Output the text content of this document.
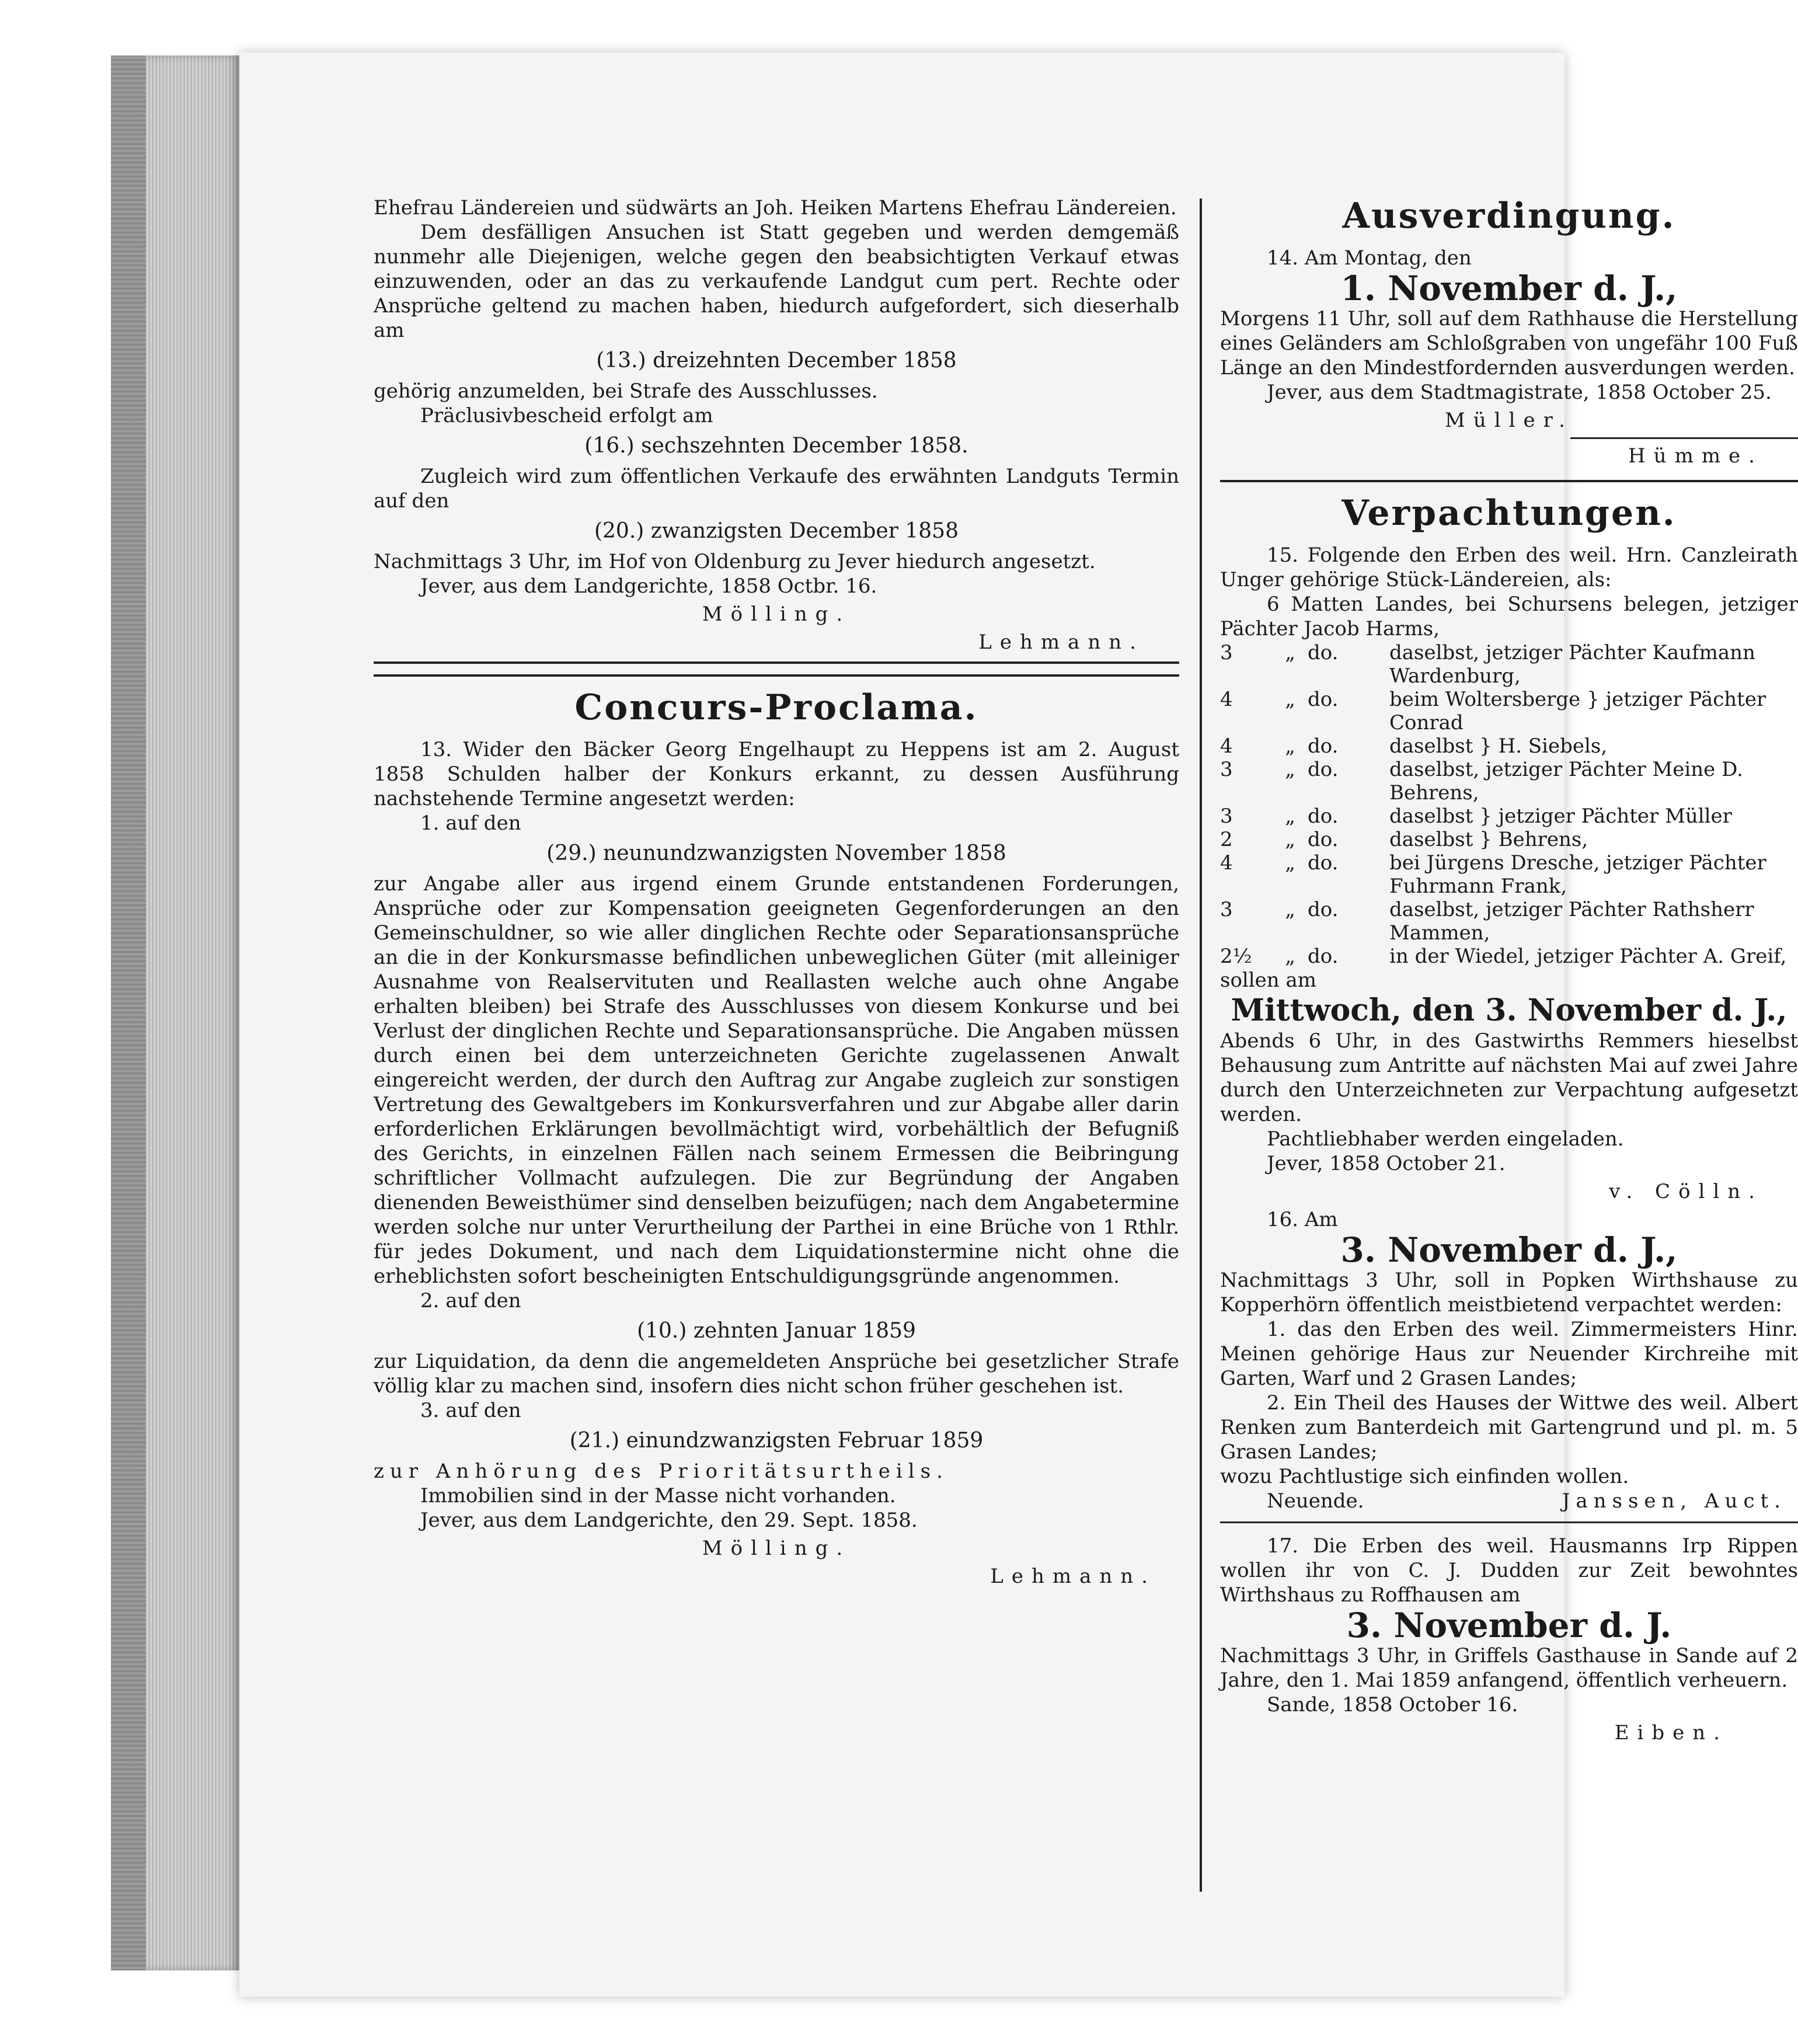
Ehefrau Ländereien und südwärts an Joh. Heiken Martens Ehefrau Ländereien.

Dem desfälligen Ansuchen ist Statt gegeben und werden demgemäß nunmehr alle Diejenigen, welche gegen den beabsichtigten Verkauf etwas einzuwenden, oder an das zu verkaufende Landgut cum pert. Rechte oder Ansprüche geltend zu machen haben, hiedurch aufgefordert, sich dieserhalb am

(13.) dreizehnten December 1858

gehörig anzumelden, bei Strafe des Ausschlusses.

Präclusivbescheid erfolgt am

(16.) sechszehnten December 1858.

Zugleich wird zum öffentlichen Verkaufe des erwähnten Landguts Termin auf den

(20.) zwanzigsten December 1858

Nachmittags 3 Uhr, im Hof von Oldenburg zu Jever hiedurch angesetzt.

Jever, aus dem Landgerichte, 1858 Octbr. 16.

Mölling.

Lehmann.

Concurs-Proclama.

13. Wider den Bäcker Georg Engelhaupt zu Heppens ist am 2. August 1858 Schulden halber der Konkurs erkannt, zu dessen Ausführung nachstehende Termine angesetzt werden:

1. auf den

(29.) neunundzwanzigsten November 1858

zur Angabe aller aus irgend einem Grunde entstandenen Forderungen, Ansprüche oder zur Kompensation geeigneten Gegenforderungen an den Gemeinschuldner, so wie aller dinglichen Rechte oder Separationsansprüche an die in der Konkursmasse befindlichen unbeweglichen Güter (mit alleiniger Ausnahme von Realservituten und Reallasten welche auch ohne Angabe erhalten bleiben) bei Strafe des Ausschlusses von diesem Konkurse und bei Verlust der dinglichen Rechte und Separationsansprüche. Die Angaben müssen durch einen bei dem unterzeichneten Gerichte zugelassenen Anwalt eingereicht werden, der durch den Auftrag zur Angabe zugleich zur sonstigen Vertretung des Gewaltgebers im Konkursverfahren und zur Abgabe aller darin erforderlichen Erklärungen bevollmächtigt wird, vorbehältlich der Befugniß des Gerichts, in einzelnen Fällen nach seinem Ermessen die Beibringung schriftlicher Vollmacht aufzulegen. Die zur Begründung der Angaben dienenden Beweisthümer sind denselben beizufügen; nach dem Angabetermine werden solche nur unter Verurtheilung der Parthei in eine Brüche von 1 Rthlr. für jedes Dokument, und nach dem Liquidationstermine nicht ohne die erheblichsten sofort bescheinigten Entschuldigungsgründe angenommen.

2. auf den

(10.) zehnten Januar 1859

zur Liquidation, da denn die angemeldeten Ansprüche bei gesetzlicher Strafe völlig klar zu machen sind, insofern dies nicht schon früher geschehen ist.

3. auf den

(21.) einundzwanzigsten Februar 1859

zur Anhörung des Prioritätsurtheils.

Immobilien sind in der Masse nicht vorhanden.

Jever, aus dem Landgerichte, den 29. Sept. 1858.

Mölling.

Lehmann.

Ausverdingung.

14. Am Montag, den

1. November d. J.,

Morgens 11 Uhr, soll auf dem Rathhause die Herstellung eines Geländers am Schloßgraben von ungefähr 100 Fuß Länge an den Mindestfordernden ausverdungen werden.

Jever, aus dem Stadtmagistrate, 1858 October 25.

Müller.

Hümme.

Verpachtungen.

15. Folgende den Erben des weil. Hrn. Canzleirath Unger gehörige Stück-Ländereien, als:

6 Matten Landes, bei Schursens belegen, jetziger Pächter Jacob Harms,

3	„	do.	daselbst, jetziger Pächter Kaufmann Wardenburg,
4	„	do.	beim Woltersberge } jetziger Pächter Conrad
4	„	do.	daselbst } H. Siebels,
3	„	do.	daselbst, jetziger Pächter Meine D. Behrens,
3	„	do.	daselbst } jetziger Pächter Müller
2	„	do.	daselbst } Behrens,
4	„	do.	bei Jürgens Dresche, jetziger Pächter Fuhrmann Frank,
3	„	do.	daselbst, jetziger Pächter Rathsherr Mammen,
2½	„	do.	in der Wiedel, jetziger Pächter A. Greif,

sollen am

Mittwoch, den 3. November d. J.,

Abends 6 Uhr, in des Gastwirths Remmers hieselbst Behausung zum Antritte auf nächsten Mai auf zwei Jahre durch den Unterzeichneten zur Verpachtung aufgesetzt werden.

Pachtliebhaber werden eingeladen.

Jever, 1858 October 21.

v. Cölln.

16. Am

3. November d. J.,

Nachmittags 3 Uhr, soll in Popken Wirthshause zu Kopperhörn öffentlich meistbietend verpachtet werden:

1. das den Erben des weil. Zimmermeisters Hinr. Meinen gehörige Haus zur Neuender Kirchreihe mit Garten, Warf und 2 Grasen Landes;

2. Ein Theil des Hauses der Wittwe des weil. Albert Renken zum Banterdeich mit Gartengrund und pl. m. 5 Grasen Landes;

wozu Pachtlustige sich einfinden wollen.

Neuende.	Janssen, Auct.

17. Die Erben des weil. Hausmanns Irp Rippen wollen ihr von C. J. Dudden zur Zeit bewohntes Wirthshaus zu Roffhausen am

3. November d. J.

Nachmittags 3 Uhr, in Griffels Gasthause in Sande auf 2 Jahre, den 1. Mai 1859 anfangend, öffentlich verheuern.

Sande, 1858 October 16.

Eiben.
